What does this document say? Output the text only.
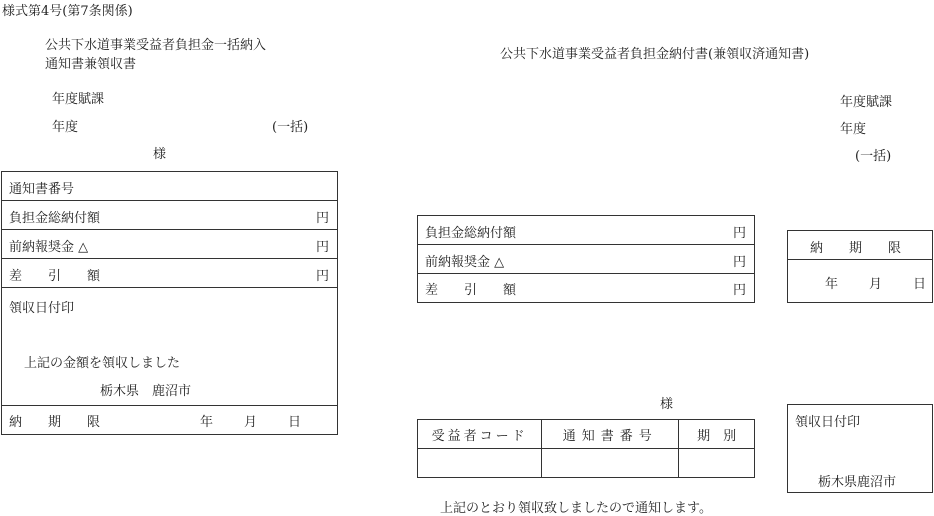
様式第4号(第7条関係)
公共下水道事業受益者負担金一括納入
通知書兼領収書
年度賦課
年度	(一括)
様
通知書番号
負担金総納付額	円
前納報奨金 △	円
差　　引　　額	円
領収日付印
上記の金額を領収しました
栃木県　鹿沼市
納　　期　　限	年 月 日
公共下水道事業受益者負担金納付書(兼領収済通知書)
年度賦課
年度
(一括)
負担金総納付額	円
前納報奨金 △	円
差　　引　　額	円
納　　期　　限
年 月 日
様
受益者コード	通知書番号	期　別

領収日付印
栃木県鹿沼市
上記のとおり領収致しましたので通知します。
